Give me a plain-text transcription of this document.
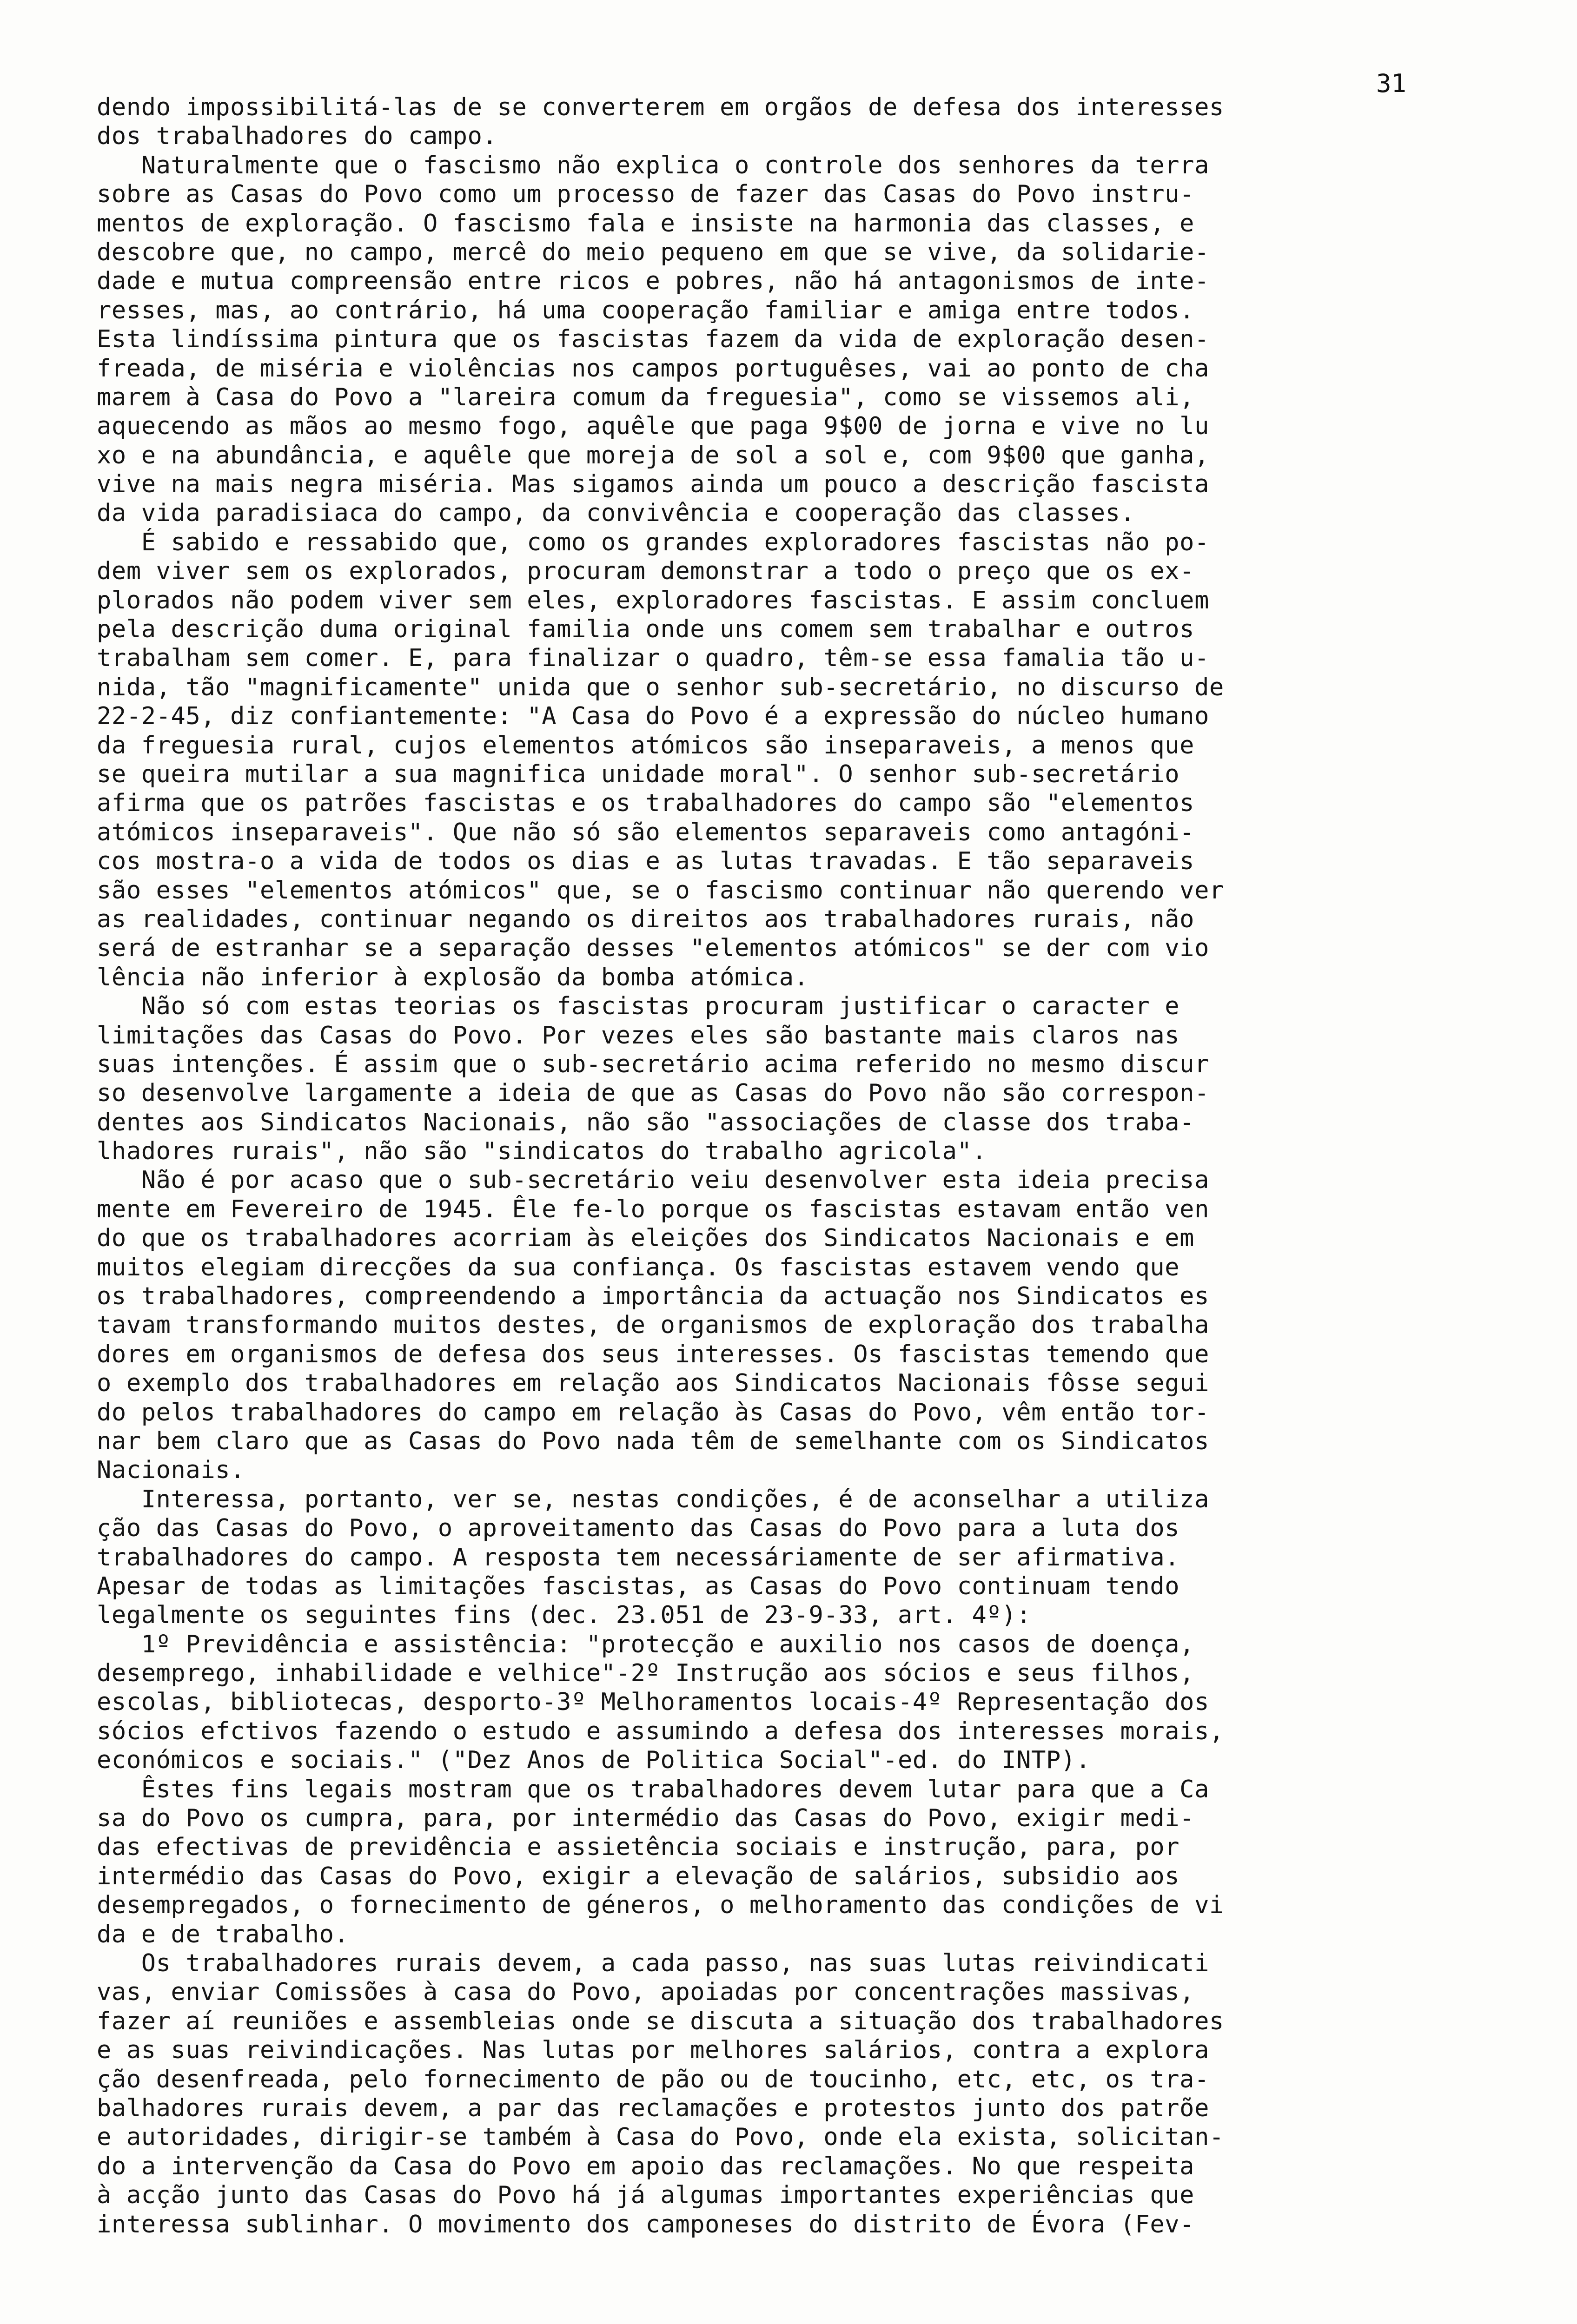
31
dendo impossibilitá-las de se converterem em orgãos de defesa dos interesses
dos trabalhadores do campo.
Naturalmente que o fascismo não explica o controle dos senhores da terra
sobre as Casas do Povo como um processo de fazer das Casas do Povo instru-
mentos de exploração. O fascismo fala e insiste na harmonia das classes, e
descobre que, no campo, mercê do meio pequeno em que se vive, da solidarie-
dade e mutua compreensão entre ricos e pobres, não há antagonismos de inte-
resses, mas, ao contrário, há uma cooperação familiar e amiga entre todos.
Esta lindíssima pintura que os fascistas fazem da vida de exploração desen-
freada, de miséria e violências nos campos portuguêses, vai ao ponto de cha
marem à Casa do Povo a "lareira comum da freguesia", como se vissemos ali,
aquecendo as mãos ao mesmo fogo, aquêle que paga 9$00 de jorna e vive no lu
xo e na abundância, e aquêle que moreja de sol a sol e, com 9$00 que ganha,
vive na mais negra miséria. Mas sigamos ainda um pouco a descrição fascista
da vida paradisiaca do campo, da convivência e cooperação das classes.
É sabido e ressabido que, como os grandes exploradores fascistas não po-
dem viver sem os explorados, procuram demonstrar a todo o preço que os ex-
plorados não podem viver sem eles, exploradores fascistas. E assim concluem
pela descrição duma original familia onde uns comem sem trabalhar e outros
trabalham sem comer. E, para finalizar o quadro, têm-se essa famalia tão u-
nida, tão "magnificamente" unida que o senhor sub-secretário, no discurso de
22-2-45, diz confiantemente: "A Casa do Povo é a expressão do núcleo humano
da freguesia rural, cujos elementos atómicos são inseparaveis, a menos que
se queira mutilar a sua magnifica unidade moral". O senhor sub-secretário
afirma que os patrões fascistas e os trabalhadores do campo são "elementos
atómicos inseparaveis". Que não só são elementos separaveis como antagóni-
cos mostra-o a vida de todos os dias e as lutas travadas. E tão separaveis
são esses "elementos atómicos" que, se o fascismo continuar não querendo ver
as realidades, continuar negando os direitos aos trabalhadores rurais, não
será de estranhar se a separação desses "elementos atómicos" se der com vio
lência não inferior à explosão da bomba atómica.
Não só com estas teorias os fascistas procuram justificar o caracter e
limitações das Casas do Povo. Por vezes eles são bastante mais claros nas
suas intenções. É assim que o sub-secretário acima referido no mesmo discur
so desenvolve largamente a ideia de que as Casas do Povo não são correspon-
dentes aos Sindicatos Nacionais, não são "associações de classe dos traba-
lhadores rurais", não são "sindicatos do trabalho agricola".
Não é por acaso que o sub-secretário veiu desenvolver esta ideia precisa
mente em Fevereiro de 1945. Êle fe-lo porque os fascistas estavam então ven
do que os trabalhadores acorriam às eleições dos Sindicatos Nacionais e em
muitos elegiam direcções da sua confiança. Os fascistas estavem vendo que
os trabalhadores, compreendendo a importância da actuação nos Sindicatos es
tavam transformando muitos destes, de organismos de exploração dos trabalha
dores em organismos de defesa dos seus interesses. Os fascistas temendo que
o exemplo dos trabalhadores em relação aos Sindicatos Nacionais fôsse segui
do pelos trabalhadores do campo em relação às Casas do Povo, vêm então tor-
nar bem claro que as Casas do Povo nada têm de semelhante com os Sindicatos
Nacionais.
Interessa, portanto, ver se, nestas condições, é de aconselhar a utiliza
ção das Casas do Povo, o aproveitamento das Casas do Povo para a luta dos
trabalhadores do campo. A resposta tem necessáriamente de ser afirmativa.
Apesar de todas as limitações fascistas, as Casas do Povo continuam tendo
legalmente os seguintes fins (dec. 23.051 de 23-9-33, art. 4º):
1º Previdência e assistência: "protecção e auxilio nos casos de doença,
desemprego, inhabilidade e velhice"-2º Instrução aos sócios e seus filhos,
escolas, bibliotecas, desporto-3º Melhoramentos locais-4º Representação dos
sócios efctivos fazendo o estudo e assumindo a defesa dos interesses morais,
económicos e sociais." ("Dez Anos de Politica Social"-ed. do INTP).
Êstes fins legais mostram que os trabalhadores devem lutar para que a Ca
sa do Povo os cumpra, para, por intermédio das Casas do Povo, exigir medi-
das efectivas de previdência e assietência sociais e instrução, para, por
intermédio das Casas do Povo, exigir a elevação de salários, subsidio aos
desempregados, o fornecimento de géneros, o melhoramento das condições de vi
da e de trabalho.
Os trabalhadores rurais devem, a cada passo, nas suas lutas reivindicati
vas, enviar Comissões à casa do Povo, apoiadas por concentrações massivas,
fazer aí reuniões e assembleias onde se discuta a situação dos trabalhadores
e as suas reivindicações. Nas lutas por melhores salários, contra a explora
ção desenfreada, pelo fornecimento de pão ou de toucinho, etc, etc, os tra-
balhadores rurais devem, a par das reclamações e protestos junto dos patrõe
e autoridades, dirigir-se também à Casa do Povo, onde ela exista, solicitan-
do a intervenção da Casa do Povo em apoio das reclamações. No que respeita
à acção junto das Casas do Povo há já algumas importantes experiências que
interessa sublinhar. O movimento dos camponeses do distrito de Évora (Fev-
